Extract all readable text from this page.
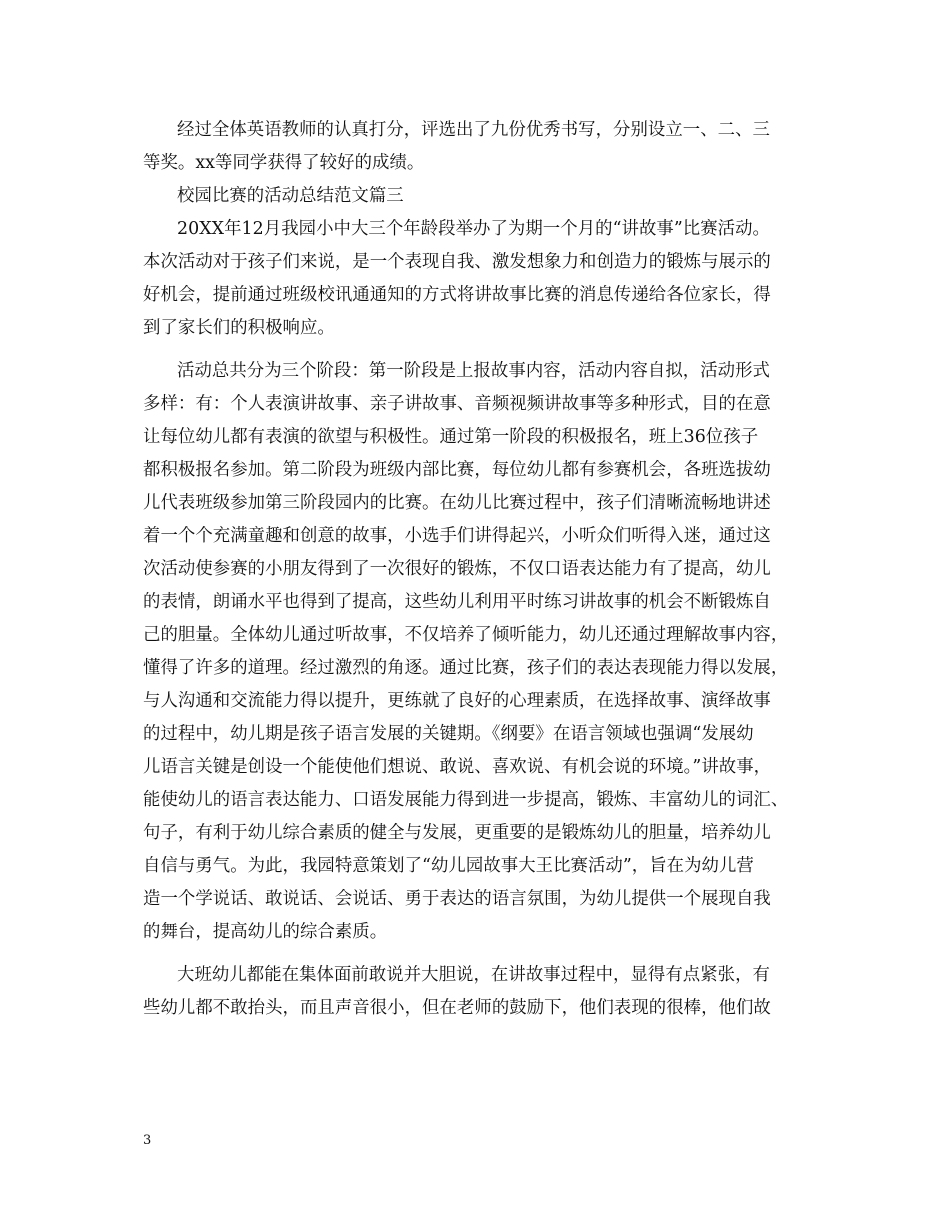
经过全体英语教师的认真打分，评选出了九份优秀书写，分别设立一、二、三
等奖。xx等同学获得了较好的成绩。
校园比赛的活动总结范文篇三
20XX年12月我园小中大三个年龄段举办了为期一个月的“讲故事”比赛活动。
本次活动对于孩子们来说，是一个表现自我、激发想象力和创造力的锻炼与展示的
好机会，提前通过班级校讯通通知的方式将讲故事比赛的消息传递给各位家长，得
到了家长们的积极响应。
活动总共分为三个阶段：第一阶段是上报故事内容，活动内容自拟，活动形式
多样：有：个人表演讲故事、亲子讲故事、音频视频讲故事等多种形式，目的在意
让每位幼儿都有表演的欲望与积极性。通过第一阶段的积极报名，班上36位孩子
都积极报名参加。第二阶段为班级内部比赛，每位幼儿都有参赛机会，各班选拔幼
儿代表班级参加第三阶段园内的比赛。在幼儿比赛过程中，孩子们清晰流畅地讲述
着一个个充满童趣和创意的故事，小选手们讲得起兴，小听众们听得入迷，通过这
次活动使参赛的小朋友得到了一次很好的锻炼，不仅口语表达能力有了提高，幼儿
的表情，朗诵水平也得到了提高，这些幼儿利用平时练习讲故事的机会不断锻炼自
己的胆量。全体幼儿通过听故事，不仅培养了倾听能力，幼儿还通过理解故事内容，
懂得了许多的道理。经过激烈的角逐。通过比赛，孩子们的表达表现能力得以发展，
与人沟通和交流能力得以提升，更练就了良好的心理素质，在选择故事、演绎故事
的过程中，幼儿期是孩子语言发展的关键期。《纲要》在语言领域也强调“发展幼
儿语言关键是创设一个能使他们想说、敢说、喜欢说、有机会说的环境。”讲故事，
能使幼儿的语言表达能力、口语发展能力得到进一步提高，锻炼、丰富幼儿的词汇、
句子，有利于幼儿综合素质的健全与发展，更重要的是锻炼幼儿的胆量，培养幼儿
自信与勇气。为此，我园特意策划了“幼儿园故事大王比赛活动”，旨在为幼儿营
造一个学说话、敢说话、会说话、勇于表达的语言氛围，为幼儿提供一个展现自我
的舞台，提高幼儿的综合素质。
大班幼儿都能在集体面前敢说并大胆说，在讲故事过程中，显得有点紧张，有
些幼儿都不敢抬头，而且声音很小，但在老师的鼓励下，他们表现的很棒，他们故
3
